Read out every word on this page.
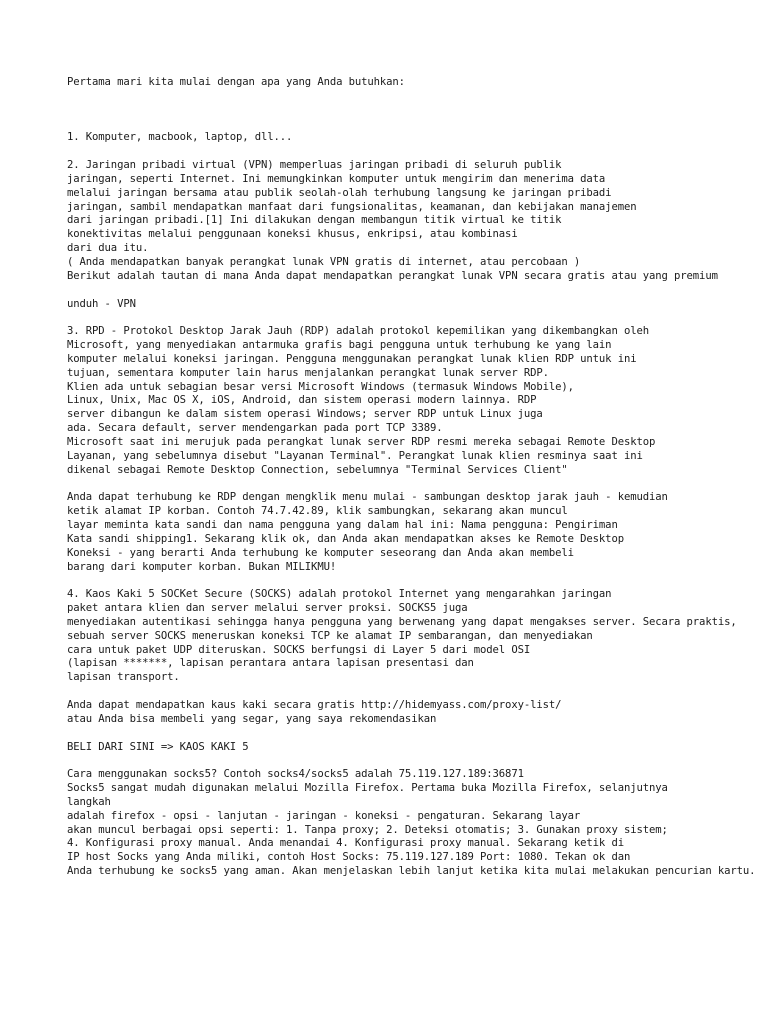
Pertama mari kita mulai dengan apa yang Anda butuhkan:
1. Komputer, macbook, laptop, dll...
2. Jaringan pribadi virtual (VPN) memperluas jaringan pribadi di seluruh publik
jaringan, seperti Internet. Ini memungkinkan komputer untuk mengirim dan menerima data
melalui jaringan bersama atau publik seolah-olah terhubung langsung ke jaringan pribadi
jaringan, sambil mendapatkan manfaat dari fungsionalitas, keamanan, dan kebijakan manajemen
dari jaringan pribadi.[1] Ini dilakukan dengan membangun titik virtual ke titik
konektivitas melalui penggunaan koneksi khusus, enkripsi, atau kombinasi
dari dua itu.
( Anda mendapatkan banyak perangkat lunak VPN gratis di internet, atau percobaan )
Berikut adalah tautan di mana Anda dapat mendapatkan perangkat lunak VPN secara gratis atau yang premium
unduh - VPN
3. RPD - Protokol Desktop Jarak Jauh (RDP) adalah protokol kepemilikan yang dikembangkan oleh
Microsoft, yang menyediakan antarmuka grafis bagi pengguna untuk terhubung ke yang lain
komputer melalui koneksi jaringan. Pengguna menggunakan perangkat lunak klien RDP untuk ini
tujuan, sementara komputer lain harus menjalankan perangkat lunak server RDP.
Klien ada untuk sebagian besar versi Microsoft Windows (termasuk Windows Mobile),
Linux, Unix, Mac OS X, iOS, Android, dan sistem operasi modern lainnya. RDP
server dibangun ke dalam sistem operasi Windows; server RDP untuk Linux juga
ada. Secara default, server mendengarkan pada port TCP 3389.
Microsoft saat ini merujuk pada perangkat lunak server RDP resmi mereka sebagai Remote Desktop
Layanan, yang sebelumnya disebut "Layanan Terminal". Perangkat lunak klien resminya saat ini
dikenal sebagai Remote Desktop Connection, sebelumnya "Terminal Services Client"
Anda dapat terhubung ke RDP dengan mengklik menu mulai - sambungan desktop jarak jauh - kemudian
ketik alamat IP korban. Contoh 74.7.42.89, klik sambungkan, sekarang akan muncul
layar meminta kata sandi dan nama pengguna yang dalam hal ini: Nama pengguna: Pengiriman
Kata sandi shipping1. Sekarang klik ok, dan Anda akan mendapatkan akses ke Remote Desktop
Koneksi - yang berarti Anda terhubung ke komputer seseorang dan Anda akan membeli
barang dari komputer korban. Bukan MILIKMU!
4. Kaos Kaki 5 SOCKet Secure (SOCKS) adalah protokol Internet yang mengarahkan jaringan
paket antara klien dan server melalui server proksi. SOCKS5 juga
menyediakan autentikasi sehingga hanya pengguna yang berwenang yang dapat mengakses server. Secara praktis,
sebuah server SOCKS meneruskan koneksi TCP ke alamat IP sembarangan, dan menyediakan
cara untuk paket UDP diteruskan. SOCKS berfungsi di Layer 5 dari model OSI
(lapisan *******, lapisan perantara antara lapisan presentasi dan
lapisan transport.
Anda dapat mendapatkan kaus kaki secara gratis http://hidemyass.com/proxy-list/
atau Anda bisa membeli yang segar, yang saya rekomendasikan
BELI DARI SINI => KAOS KAKI 5
Cara menggunakan socks5? Contoh socks4/socks5 adalah 75.119.127.189:36871
Socks5 sangat mudah digunakan melalui Mozilla Firefox. Pertama buka Mozilla Firefox, selanjutnya
langkah
adalah firefox - opsi - lanjutan - jaringan - koneksi - pengaturan. Sekarang layar
akan muncul berbagai opsi seperti: 1. Tanpa proxy; 2. Deteksi otomatis; 3. Gunakan proxy sistem;
4. Konfigurasi proxy manual. Anda menandai 4. Konfigurasi proxy manual. Sekarang ketik di
IP host Socks yang Anda miliki, contoh Host Socks: 75.119.127.189 Port: 1080. Tekan ok dan
Anda terhubung ke socks5 yang aman. Akan menjelaskan lebih lanjut ketika kita mulai melakukan pencurian kartu.
